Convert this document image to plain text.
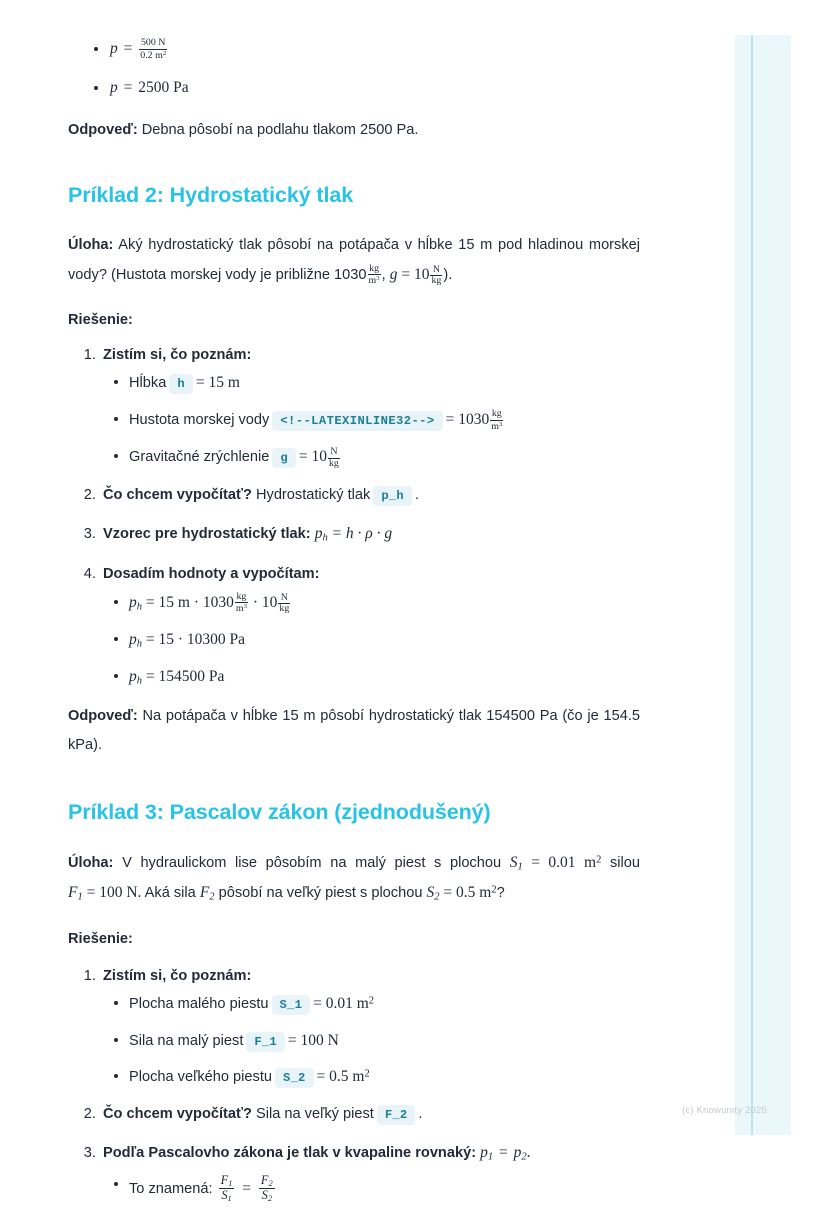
$p = \frac{500 N}{0.2 m^2}$
p = 2500 Pa

Odpoveď: Debna pôsobí na podlahu tlakom 2500 Pa.

Príklad 2: Hydrostatický tlak

Úloha: Aký hydrostatický tlak pôsobí na potápača v hĺbke 15 m pod hladinou morskej vody? (Hustota morskej vody je približne $1030 \frac{kg}{m^3}$ , $g = 10 \frac{N}{kg}$ ).

Riešenie:

1. Zistím si, čo poznám:
Hĺbka h = 15 m
Hustota morskej vody <!--LATEXINLINE32--> = $1030 \frac{kg}{m^3}$
Gravitačné zrýchlenie $g = 10 \frac{N}{kg}$
2. Čo chcem vypočítať? Hydrostatický tlak p_h .
3. Vzorec pre hydrostatický tlak: $p_h = h \cdot \rho \cdot g$
4. Dosadím hodnoty a vypočítam:
$p_h = 15$ $m \cdot 1030 \frac{kg}{m^3} \cdot 10 \frac{N}{kg}$
$p_h = 15 \cdot 10300$ Pa
$p_h = 154500$ Pa

Odpoveď: Na potápača v hĺbke 15 m pôsobí hydrostatický tlak 154500 Pa (čo je 154.5 kPa).

Príklad 3: Pascalov zákon (zjednodušený)

Úloha: V hydraulickom lise pôsobím na malý piest s plochou $S_1 = 0.01$ $m^2$ silou $F_1 = 100$ N. Aká sila $F_2$ pôsobí na veľký piest s plochou $S_2 = 0.5$ $m^2$?

Riešenie:

1. Zistím si, čo poznám:
Plocha malého piestu S_1 = 0.01 $m^2$
Sila na malý piest F_1 = 100 N
Plocha veľkého piestu S_2 = 0.5 $m^2$
2. Čo chcem vypočítať? Sila na veľký piest F_2 .
3. Podľa Pascalovho zákona je tlak v kvapaline rovnaký: $p_1 = p_2$.
To znamená: $\frac{F_1}{S_1} = \frac{F_2}{S_2}$
(c) Knowunity 2025
